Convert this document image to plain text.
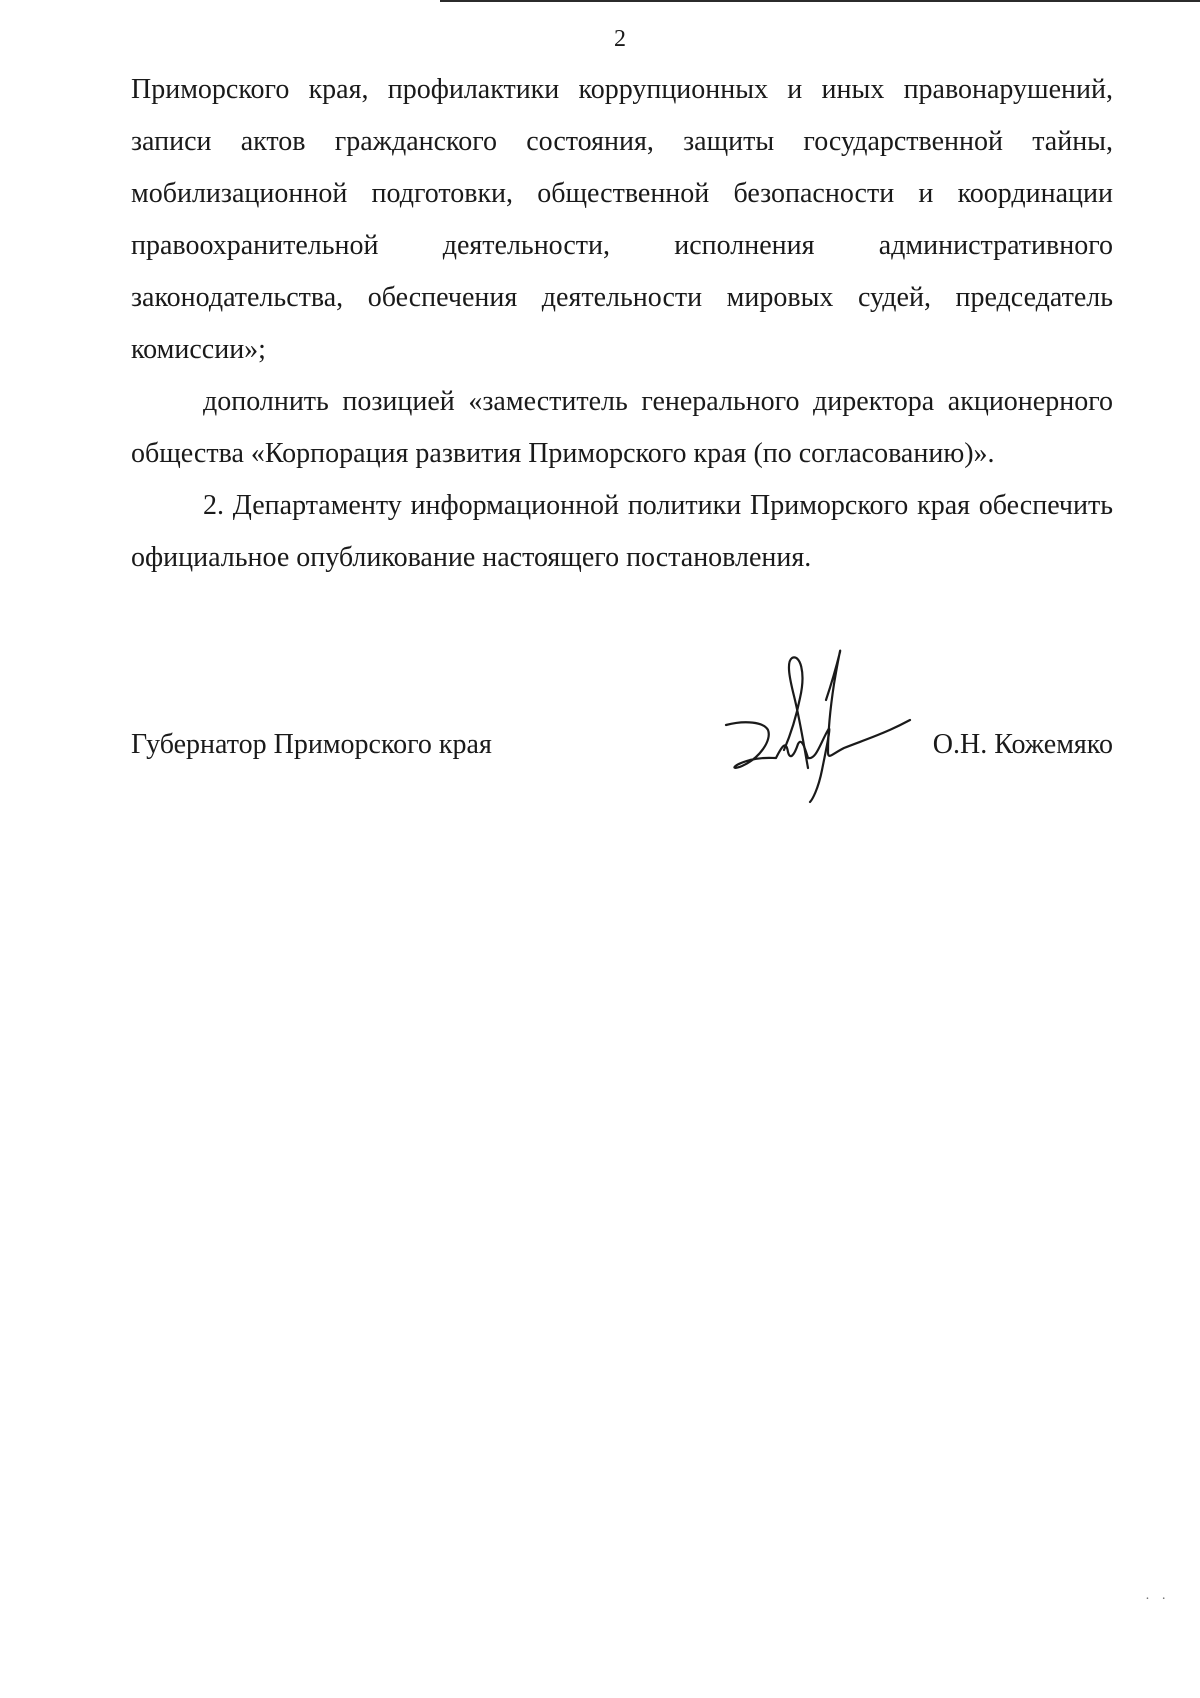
2

Приморского края, профилактики коррупционных и иных правонарушений, записи актов гражданского состояния, защиты государственной тайны, мобилизационной подготовки, общественной безопасности и координации правоохранительной деятельности, исполнения административного законодательства, обеспечения деятельности мировых судей, председатель комиссии»;

дополнить позицией «заместитель генерального директора акционерного общества «Корпорация развития Приморского края (по согласованию)».

2. Департаменту информационной политики Приморского края обеспечить официальное опубликование настоящего постановления.

Губернатор Приморского края	О.Н. Кожемяко
· ·
